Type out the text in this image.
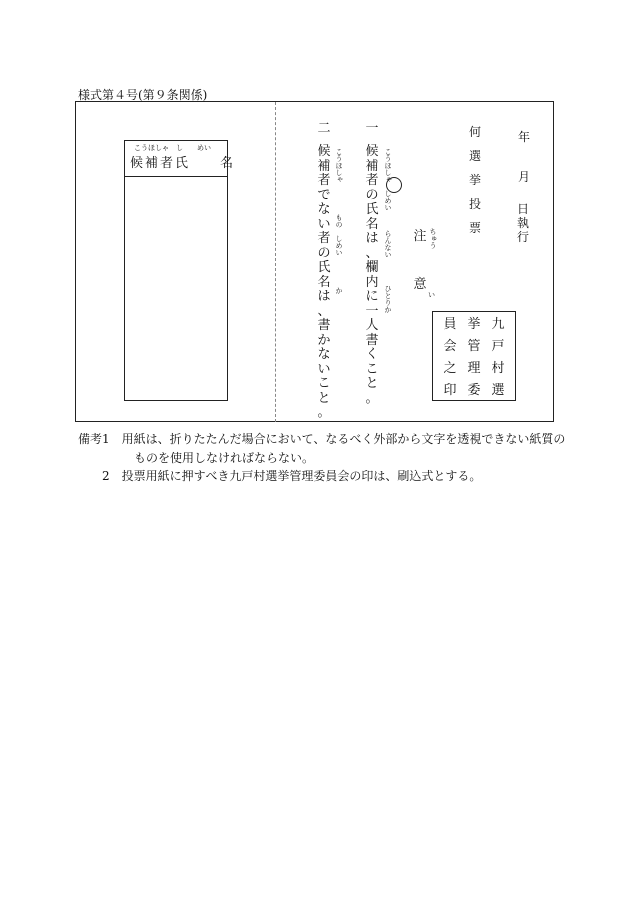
様式第４号(第９条関係)
こうほしゃ　し　　めい
候補者氏　　名
二
候
補
者
で
な
い
者
の
氏
名
は
、
書
か
な
い
こ
と
。
こうほしゃ
もの　しめい
か
一
候
補
者
の
氏
名
は
、
欄
内
に
一
人
書
く
こ
と
。
こうほしゃ　しめい
らんない
ひとりか
注

意
ちゅう
い
何
選
挙
投
票
年
月
日
執
行
九
戸
村
選
挙
管
理
委
員
会
之
印
備考1　用紙は、折りたたんだ場合において、なるべく外部から文字を透視できない紙質の
ものを使用しなければならない。
2　投票用紙に押すべき九戸村選挙管理委員会の印は、刷込式とする。
